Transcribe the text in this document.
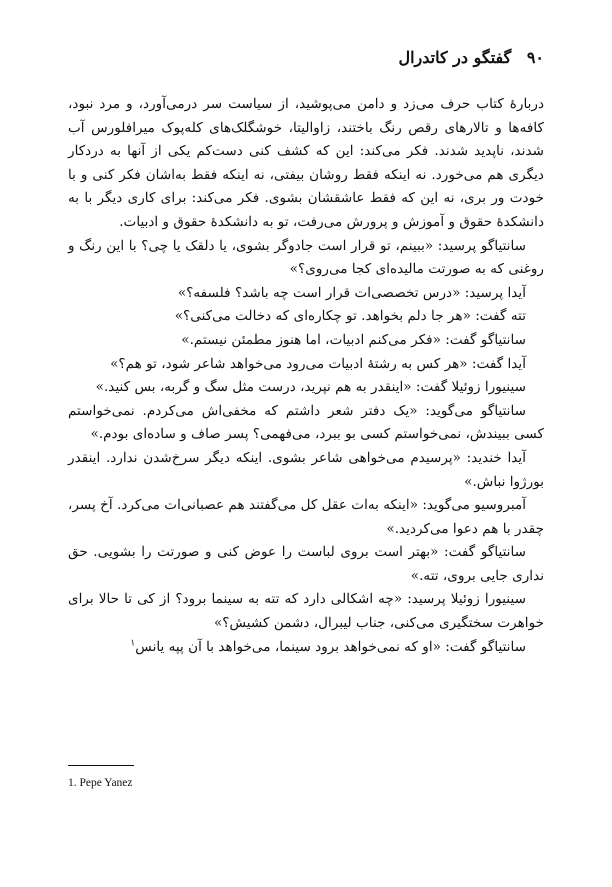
۹۰ گفتگو در کاتدرال

دربارهٔ کتاب حرف می‌زد و دامن می‌پوشید، از سیاست سر درمی‌آورد، و مرد نبود، کافه‌ها و تالارهای رقص رنگ باختند، زاوالیتا، خوشگلک‌های کله‌پوک میرافلورس آب شدند، ناپدید شدند. فکر می‌کند: این که کشف کنی دست‌کم یکی از آنها به دردکار دیگری هم می‌خورد. نه اینکه فقط روشان بیفتی، نه اینکه فقط به‌اشان فکر کنی و با خودت ور بری، نه این که فقط عاشقشان بشوی. فکر می‌کند: برای کاری دیگر با به دانشکدهٔ حقوق و آموزش و پرورش می‌رفت، تو به دانشکدهٔ حقوق و ادبیات.

سانتیاگو پرسید: «ببینم، تو قرار است جادوگر بشوی، یا دلقک یا چی؟ با این رنگ و روغنی که به صورتت مالیده‌ای کجا می‌روی؟»

آیدا پرسید: «درس تخصصی‌ات قرار است چه باشد؟ فلسفه؟»

تته گفت: «هر جا دلم بخواهد. تو چکاره‌ای که دخالت می‌کنی؟»

سانتیاگو گفت: «فکر می‌کنم ادبیات، اما هنوز مطمئن نیستم.»

آیدا گفت: «هر کس به رشتهٔ ادبیات می‌رود می‌خواهد شاعر شود، تو هم؟»

سینیورا زوئیلا گفت: «اینقدر به هم نپرید، درست مثل سگ و گربه، بس کنید.»

سانتیاگو می‌گوید: «یک دفتر شعر داشتم که مخفی‌اش می‌کردم. نمی‌خواستم کسی ببیندش، نمی‌خواستم کسی بو ببرد، می‌فهمی؟ پسر صاف و ساده‌ای بودم.»

آیدا خندید: «پرسیدم می‌خواهی شاعر بشوی. اینکه دیگر سرخ‌شدن ندارد. اینقدر بورژوا نباش.»

آمبروسیو می‌گوید: «اینکه به‌ات عقل کل می‌گفتند هم عصبانی‌ات می‌کرد. آخ پسر، چقدر با هم دعوا می‌کردید.»

سانتیاگو گفت: «بهتر است بروی لباست را عوض کنی و صورتت را بشویی. حق نداری جایی بروی، تته.»

سینیورا زوئیلا پرسید: «چه اشکالی دارد که تته به سینما برود؟ از کی تا حالا برای خواهرت سختگیری می‌کنی، جناب لیبرال، دشمن کشیش؟»

سانتیاگو گفت: «او که نمی‌خواهد برود سینما، می‌خواهد با آن پپه یانس$^۱$

1. Pepe Yanez
